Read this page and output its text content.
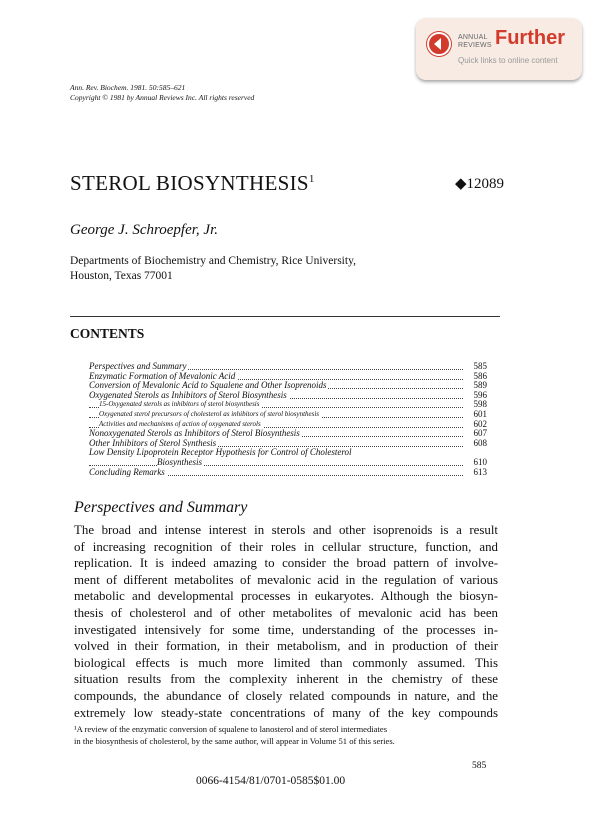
ANNUAL
REVIEWS Further
Quick links to online content
Ann. Rev. Biochem. 1981. 50:585–621
Copyright © 1981 by Annual Reviews Inc. All rights reserved
STEROL BIOSYNTHESIS$^1$	◆12089
George J. Schroepfer, Jr.
Departments of Biochemistry and Chemistry, Rice University,
Houston, Texas 77001
CONTENTS
Perspectives and Summary	585
Enzymatic Formation of Mevalonic Acid	586
Conversion of Mevalonic Acid to Squalene and Other Isoprenoids	589
Oxygenated Sterols as Inhibitors of Sterol Biosynthesis	596
15-Oxygenated sterols as inhibitors of sterol biosynthesis	598
Oxygenated sterol precursors of cholesterol as inhibitors of sterol biosynthesis	601
Activities and mechanisms of action of oxygenated sterols	602
Nonoxygenated Sterols as Inhibitors of Sterol Biosynthesis	607
Other Inhibitors of Sterol Synthesis	608
Low Density Lipoprotein Receptor Hypothesis for Control of Cholesterol
Biosynthesis	610
Concluding Remarks	613
Perspectives and Summary
The broad and intense interest in sterols and other isoprenoids is a result
of increasing recognition of their roles in cellular structure, function, and
replication. It is indeed amazing to consider the broad pattern of involve-
ment of different metabolites of mevalonic acid in the regulation of various
metabolic and developmental processes in eukaryotes. Although the biosyn-
thesis of cholesterol and of other metabolites of mevalonic acid has been
investigated intensively for some time, understanding of the processes in-
volved in their formation, in their metabolism, and in production of their
biological effects is much more limited than commonly assumed. This
situation results from the complexity inherent in the chemistry of these
compounds, the abundance of closely related compounds in nature, and the
extremely low steady-state concentrations of many of the key compounds
¹A review of the enzymatic conversion of squalene to lanosterol and of sterol intermediates
in the biosynthesis of cholesterol, by the same author, will appear in Volume 51 of this series.
585
0066-4154/81/0701-0585$01.00
